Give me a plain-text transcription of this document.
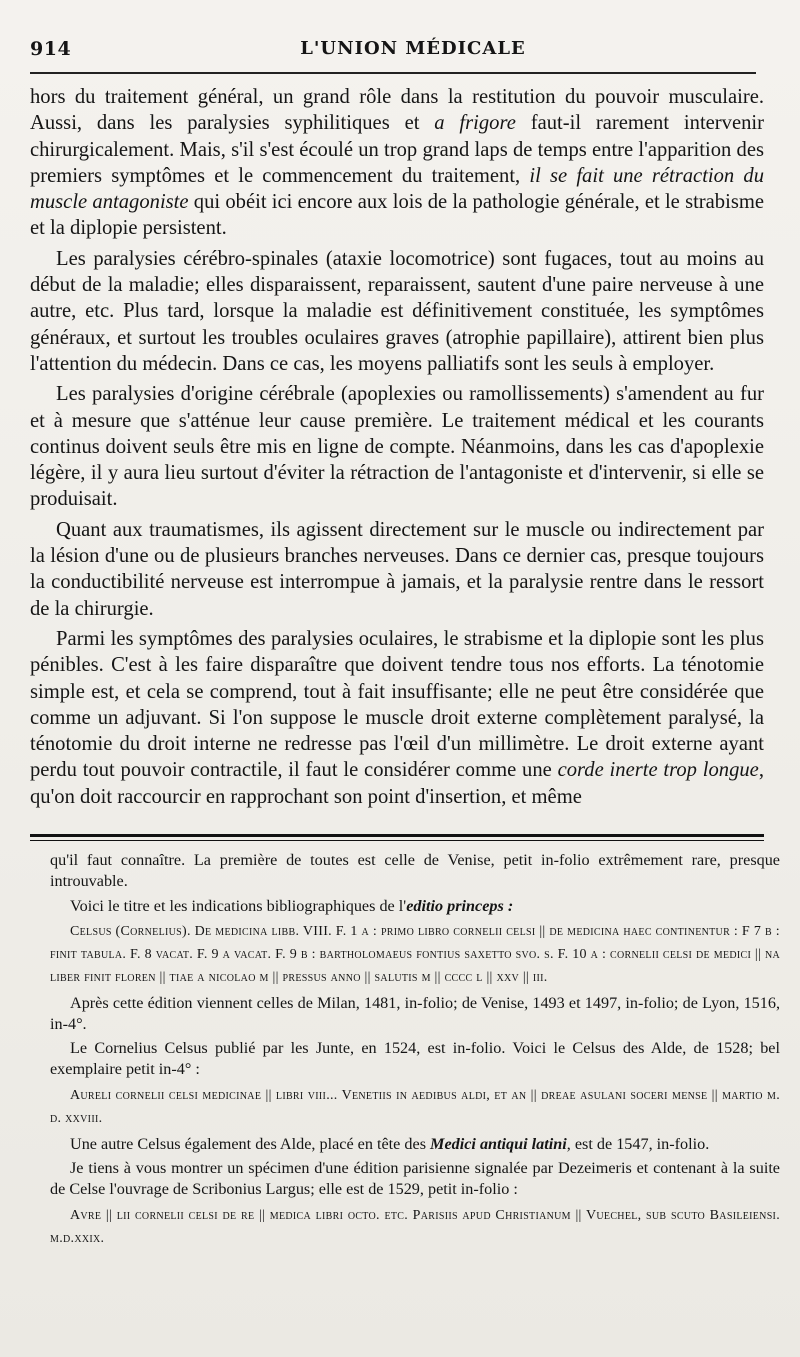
914	L'UNION MÉDICALE

hors du traitement général, un grand rôle dans la restitution du pouvoir musculaire. Aussi, dans les paralysies syphilitiques et a frigore faut-il rarement intervenir chirurgicalement. Mais, s'il s'est écoulé un trop grand laps de temps entre l'apparition des premiers symptômes et le commencement du traitement, il se fait une rétraction du muscle antagoniste qui obéit ici encore aux lois de la pathologie générale, et le strabisme et la diplopie persistent.

Les paralysies cérébro-spinales (ataxie locomotrice) sont fugaces, tout au moins au début de la maladie; elles disparaissent, reparaissent, sautent d'une paire nerveuse à une autre, etc. Plus tard, lorsque la maladie est définitivement constituée, les symptômes généraux, et surtout les troubles oculaires graves (atrophie papillaire), attirent bien plus l'attention du médecin. Dans ce cas, les moyens palliatifs sont les seuls à employer.

Les paralysies d'origine cérébrale (apoplexies ou ramollissements) s'amendent au fur et à mesure que s'atténue leur cause première. Le traitement médical et les courants continus doivent seuls être mis en ligne de compte. Néanmoins, dans les cas d'apoplexie légère, il y aura lieu surtout d'éviter la rétraction de l'antagoniste et d'intervenir, si elle se produisait.

Quant aux traumatismes, ils agissent directement sur le muscle ou indirectement par la lésion d'une ou de plusieurs branches nerveuses. Dans ce dernier cas, presque toujours la conductibilité nerveuse est interrompue à jamais, et la paralysie rentre dans le ressort de la chirurgie.

Parmi les symptômes des paralysies oculaires, le strabisme et la diplopie sont les plus pénibles. C'est à les faire disparaître que doivent tendre tous nos efforts. La ténotomie simple est, et cela se comprend, tout à fait insuffisante; elle ne peut être considérée que comme un adjuvant. Si l'on suppose le muscle droit externe complètement paralysé, la ténotomie du droit interne ne redresse pas l'œil d'un millimètre. Le droit externe ayant perdu tout pouvoir contractile, il faut le considérer comme une corde inerte trop longue, qu'on doit raccourcir en rapprochant son point d'insertion, et même

qu'il faut connaître. La première de toutes est celle de Venise, petit in-folio extrêmement rare, presque introuvable.

Voici le titre et les indications bibliographiques de l'editio princeps :

Celsus (Cornelius). De medicina libb. VIII. F. 1 a : primo libro cornelii celsi || de medicina haec continentur : F 7 b : finit tabula. F. 8 vacat. F. 9 a vacat. F. 9 b : bartholomaeus fontius saxetto svo. s. F. 10 a : cornelii celsi de medici || na liber finit floren || tiae a nicolao m || pressus anno || salutis m || cccc l || xxv || iii.

Après cette édition viennent celles de Milan, 1481, in-folio; de Venise, 1493 et 1497, in-folio; de Lyon, 1516, in-4°.

Le Cornelius Celsus publié par les Junte, en 1524, est in-folio. Voici le Celsus des Alde, de 1528; bel exemplaire petit in-4° :

Aureli cornelii celsi medicinae || libri viii... Venetiis in aedibus aldi, et an || dreae asulani soceri mense || martio m. d. xxviii.

Une autre Celsus également des Alde, placé en tête des Medici antiqui latini, est de 1547, in-folio.

Je tiens à vous montrer un spécimen d'une édition parisienne signalée par Dezeimeris et contenant à la suite de Celse l'ouvrage de Scribonius Largus; elle est de 1529, petit in-folio :

Avre || lii cornelii celsi de re || medica libri octo. etc. Parisiis apud Christianum || Vuechel, sub scuto Basileiensi. m.d.xxix.
